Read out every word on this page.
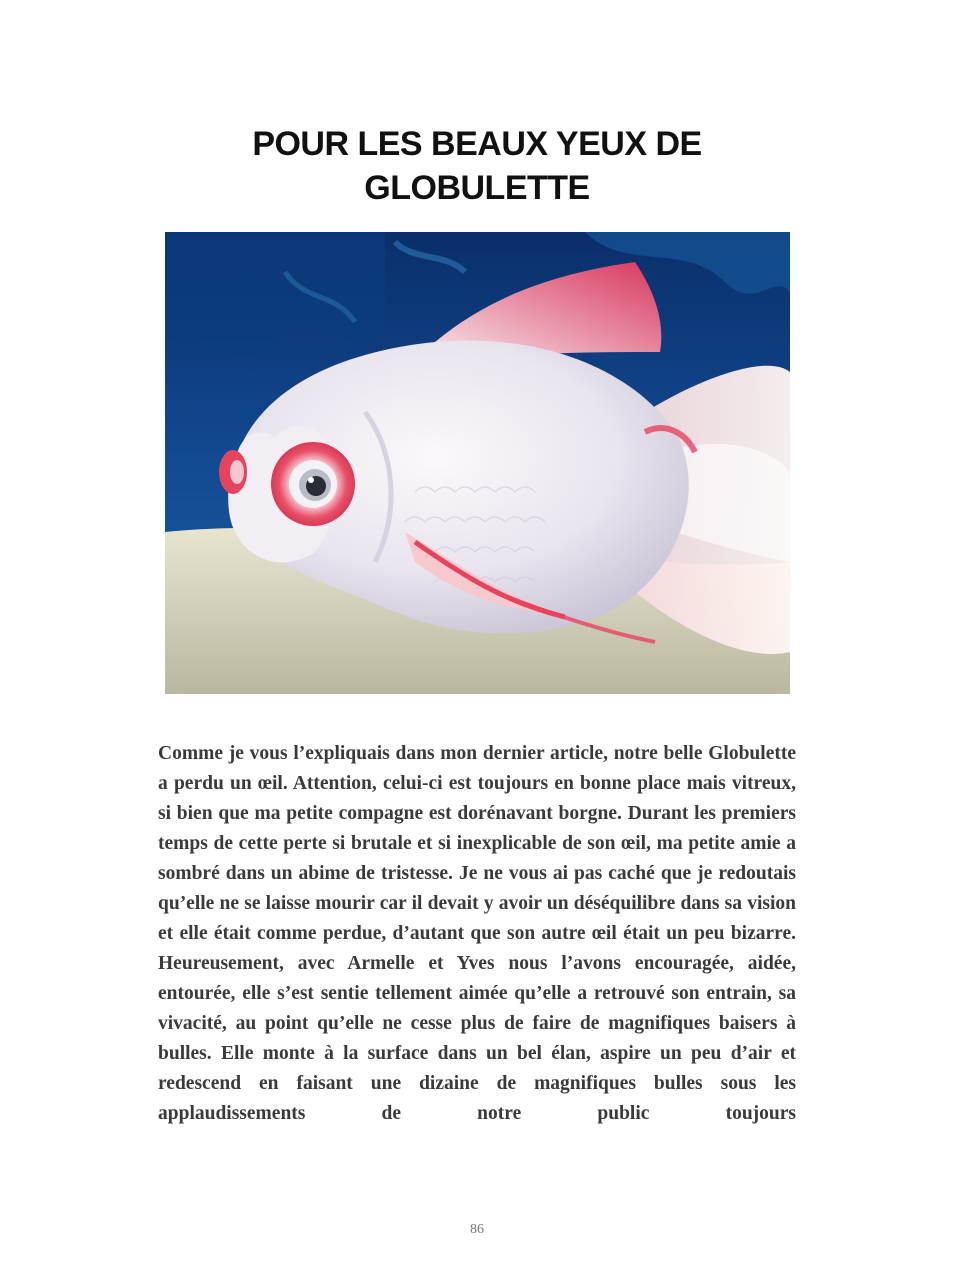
POUR LES BEAUX YEUX DE
GLOBULETTE

Comme je vous l’expliquais dans mon dernier article, notre belle Globulette a perdu un œil. Attention, celui-ci est toujours en bonne place mais vitreux, si bien que ma petite compagne est dorénavant borgne. Durant les premiers temps de cette perte si brutale et si inexplicable de son œil, ma petite amie a sombré dans un abime de tristesse. Je ne vous ai pas caché que je redoutais qu’elle ne se laisse mourir car il devait y avoir un déséquilibre dans sa vision et elle était comme perdue, d’autant que son autre œil était un peu bizarre. Heureusement, avec Armelle et Yves nous l’avons encouragée, aidée, entourée, elle s’est sentie tellement aimée qu’elle a retrouvé son entrain, sa vivacité, au point qu’elle ne cesse plus de faire de magnifiques baisers à bulles. Elle monte à la surface dans un bel élan, aspire un peu d’air et redescend en faisant une dizaine de magnifiques bulles sous les applaudissements de notre public toujours

86
